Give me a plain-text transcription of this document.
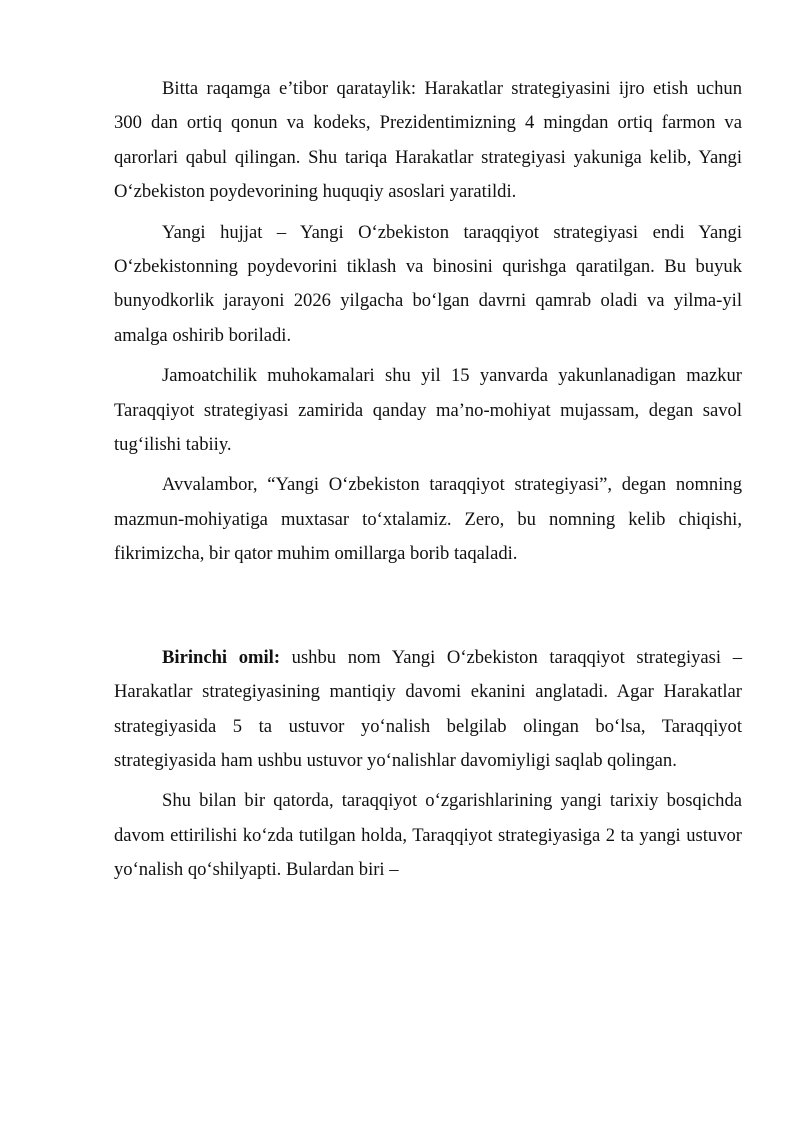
Bitta raqamga e’tibor qarataylik: Harakatlar strategiyasini ijro etish uchun 300 dan ortiq qonun va kodeks, Prezidentimizning 4 mingdan ortiq farmon va qarorlari qabul qilingan. Shu tariqa Harakatlar strategiyasi yakuniga kelib, Yangi O‘zbekiston poydevorining huquqiy asoslari yaratildi.

Yangi hujjat – Yangi O‘zbekiston taraqqiyot strategiyasi endi Yangi O‘zbekistonning poydevorini tiklash va binosini qurishga qaratilgan. Bu buyuk bunyodkorlik jarayoni 2026 yilgacha bo‘lgan davrni qamrab oladi va yilma-yil amalga oshirib boriladi.

Jamoatchilik muhokamalari shu yil 15 yanvarda yakunlanadigan mazkur Taraqqiyot strategiyasi zamirida qanday ma’no-mohiyat mujassam, degan savol tug‘ilishi tabiiy.

Avvalambor, “Yangi O‘zbekiston taraqqiyot strategiyasi”, degan nomning mazmun-mohiyatiga muxtasar to‘xtalamiz. Zero, bu nomning kelib chiqishi, fikrimizcha, bir qator muhim omillarga borib taqaladi.

Birinchi omil: ushbu nom Yangi O‘zbekiston taraqqiyot strategiyasi – Harakatlar strategiyasining mantiqiy davomi ekanini anglatadi. Agar Harakatlar strategiyasida 5 ta ustuvor yo‘nalish belgilab olingan bo‘lsa, Taraqqiyot strategiyasida ham ushbu ustuvor yo‘nalishlar davomiyligi saqlab qolingan.

Shu bilan bir qatorda, taraqqiyot o‘zgarishlarining yangi tarixiy bosqichda davom ettirilishi ko‘zda tutilgan holda, Taraqqiyot strategiyasiga 2 ta yangi ustuvor yo‘nalish qo‘shilyapti. Bulardan biri –
